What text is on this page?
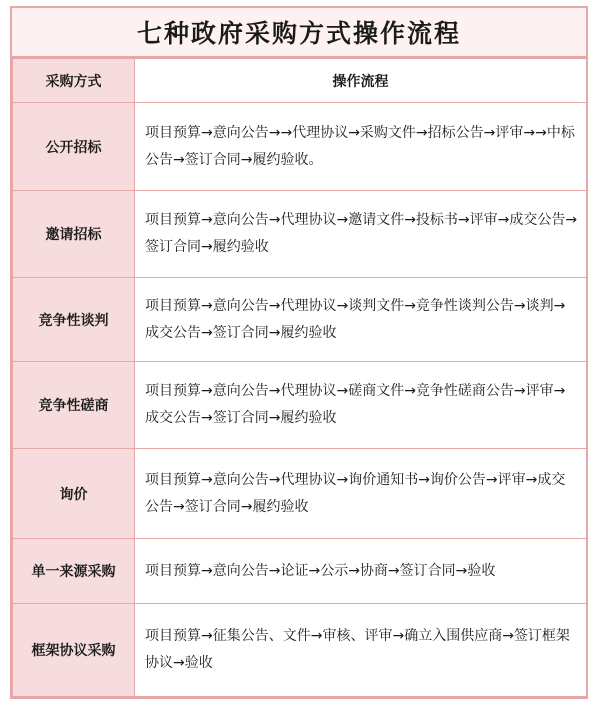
七种政府采购方式操作流程
采购方式	操作流程
公开招标	项目预算→意向公告→→代理协议→采购文件→招标公告→评审→→中标公告→签订合同→履约验收。
邀请招标	项目预算→意向公告→代理协议→邀请文件→投标书→评审→成交公告→签订合同→履约验收
竞争性谈判	项目预算→意向公告→代理协议→谈判文件→竞争性谈判公告→谈判→成交公告→签订合同→履约验收
竞争性磋商	项目预算→意向公告→代理协议→磋商文件→竞争性磋商公告→评审→成交公告→签订合同→履约验收
询价	项目预算→意向公告→代理协议→询价通知书→询价公告→评审→成交公告→签订合同→履约验收
单一来源采购	项目预算→意向公告→论证→公示→协商→签订合同→验收
框架协议采购	项目预算→征集公告、文件→审核、评审→确立入围供应商→签订框架协议→验收
